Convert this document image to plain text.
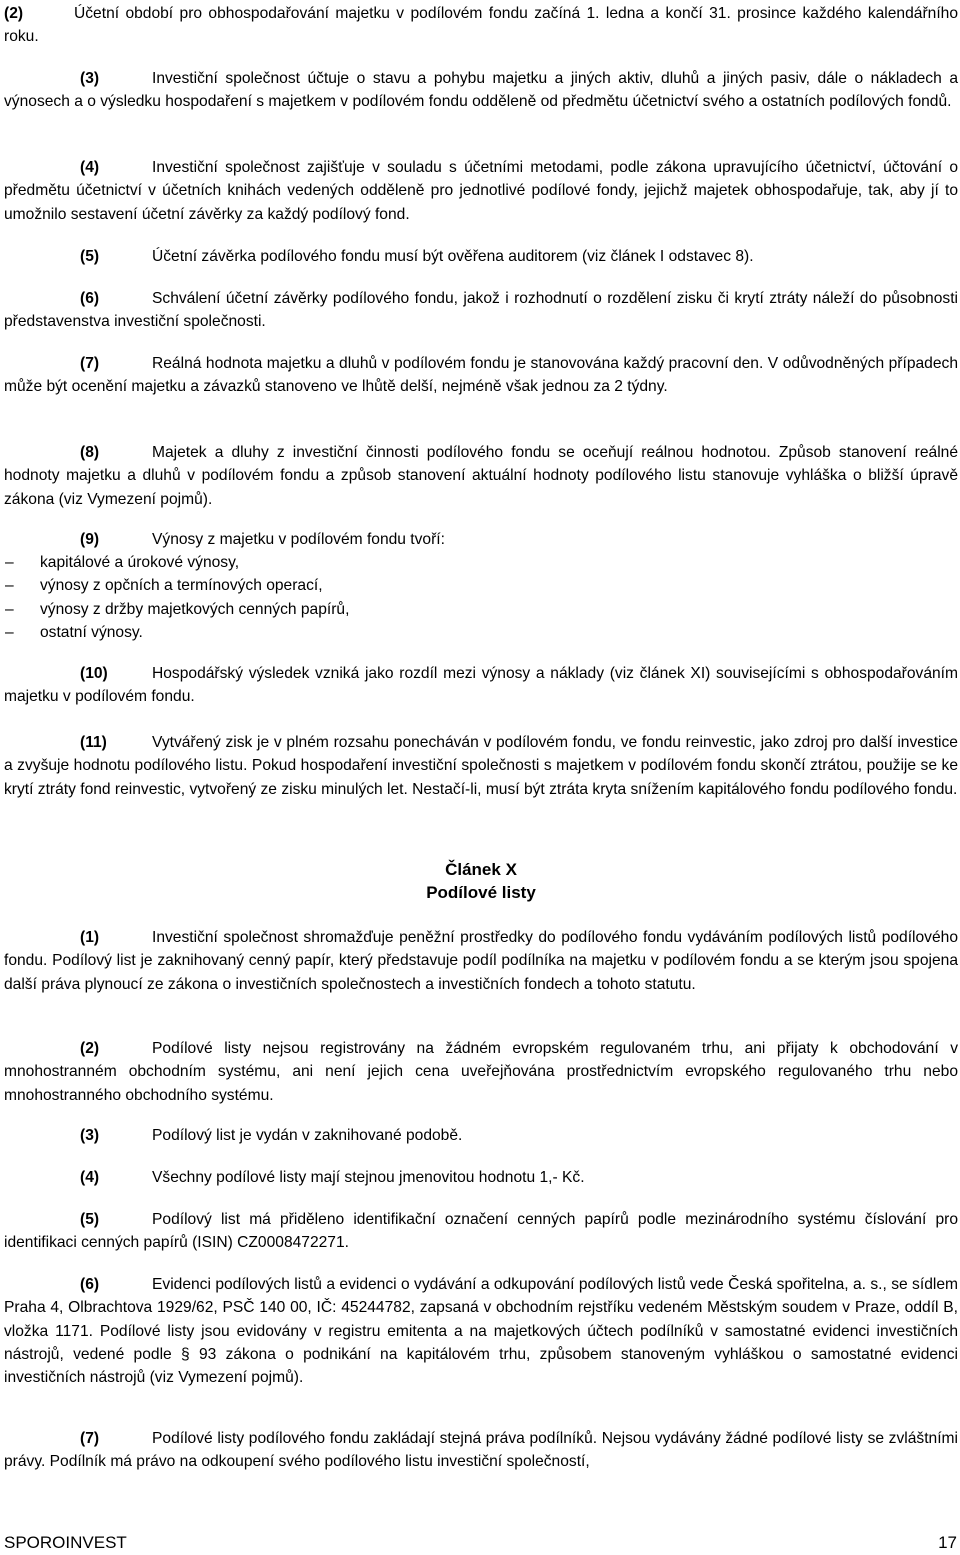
(2)	Účetní období pro obhospodařování majetku v podílovém fondu začíná 1. ledna a končí 31. prosince každého kalendářního roku.

(3)	Investiční společnost účtuje o stavu a pohybu majetku a jiných aktiv, dluhů a jiných pasiv, dále o nákladech a výnosech a o výsledku hospodaření s majetkem v podílovém fondu odděleně od předmětu účetnictví svého a ostatních podílových fondů.

(4)	Investiční společnost zajišťuje v souladu s účetními metodami, podle zákona upravujícího účetnictví, účtování o předmětu účetnictví v účetních knihách vedených odděleně pro jednotlivé podílové fondy, jejichž majetek obhospodařuje, tak, aby jí to umožnilo sestavení účetní závěrky za každý podílový fond.

(5)	Účetní závěrka podílového fondu musí být ověřena auditorem (viz článek I odstavec 8).

(6)	Schválení účetní závěrky podílového fondu, jakož i rozhodnutí o rozdělení zisku či krytí ztráty náleží do působnosti představenstva investiční společnosti.

(7)	Reálná hodnota majetku a dluhů v podílovém fondu je stanovována každý pracovní den. V odůvodněných případech může být ocenění majetku a závazků stanoveno ve lhůtě delší, nejméně však jednou za 2 týdny.

(8)	Majetek a dluhy z investiční činnosti podílového fondu se oceňují reálnou hodnotou. Způsob stanovení reálné hodnoty majetku a dluhů v podílovém fondu a způsob stanovení aktuální hodnoty podílového listu stanovuje vyhláška o bližší úpravě zákona (viz Vymezení pojmů).

(9)	Výnosy z majetku v podílovém fondu tvoří:

– kapitálové a úrokové výnosy,
– výnosy z opčních a termínových operací,
– výnosy z držby majetkových cenných papírů,
– ostatní výnosy.

(10)	Hospodářský výsledek vzniká jako rozdíl mezi výnosy a náklady (viz článek XI) souvisejícími s obhospodařováním majetku v podílovém fondu.

(11)	Vytvářený zisk je v plném rozsahu ponecháván v podílovém fondu, ve fondu reinvestic, jako zdroj pro další investice a zvyšuje hodnotu podílového listu. Pokud hospodaření investiční společnosti s majetkem v podílovém fondu skončí ztrátou, použije se ke krytí ztráty fond reinvestic, vytvořený ze zisku minulých let. Nestačí-li, musí být ztráta kryta snížením kapitálového fondu podílového fondu.

Článek X

Podílové listy

(1)	Investiční společnost shromažďuje peněžní prostředky do podílového fondu vydáváním podílových listů podílového fondu. Podílový list je zaknihovaný cenný papír, který představuje podíl podílníka na majetku v podílovém fondu a se kterým jsou spojena další práva plynoucí ze zákona o investičních společnostech a investičních fondech a tohoto statutu.

(2)	Podílové listy nejsou registrovány na žádném evropském regulovaném trhu, ani přijaty k obchodování v mnohostranném obchodním systému, ani není jejich cena uveřejňována prostřednictvím evropského regulovaného trhu nebo mnohostranného obchodního systému.

(3)	Podílový list je vydán v zaknihované podobě.

(4)	Všechny podílové listy mají stejnou jmenovitou hodnotu 1,- Kč.

(5)	Podílový list má přiděleno identifikační označení cenných papírů podle mezinárodního systému číslování pro identifikaci cenných papírů (ISIN) CZ0008472271.

(6)	Evidenci podílových listů a evidenci o vydávání a odkupování podílových listů vede Česká spořitelna, a. s., se sídlem Praha 4, Olbrachtova 1929/62, PSČ 140 00, IČ: 45244782, zapsaná v obchodním rejstříku vedeném Městským soudem v Praze, oddíl B, vložka 1171. Podílové listy jsou evidovány v registru emitenta a na majetkových účtech podílníků v samostatné evidenci investičních nástrojů, vedené podle § 93 zákona o podnikání na kapitálovém trhu, způsobem stanoveným vyhláškou o samostatné evidenci investičních nástrojů (viz Vymezení pojmů).

(7)	Podílové listy podílového fondu zakládají stejná práva podílníků. Nejsou vydávány žádné podílové listy se zvláštními právy. Podílník má právo na odkoupení svého podílového listu investiční společností,

SPOROINVEST	17
